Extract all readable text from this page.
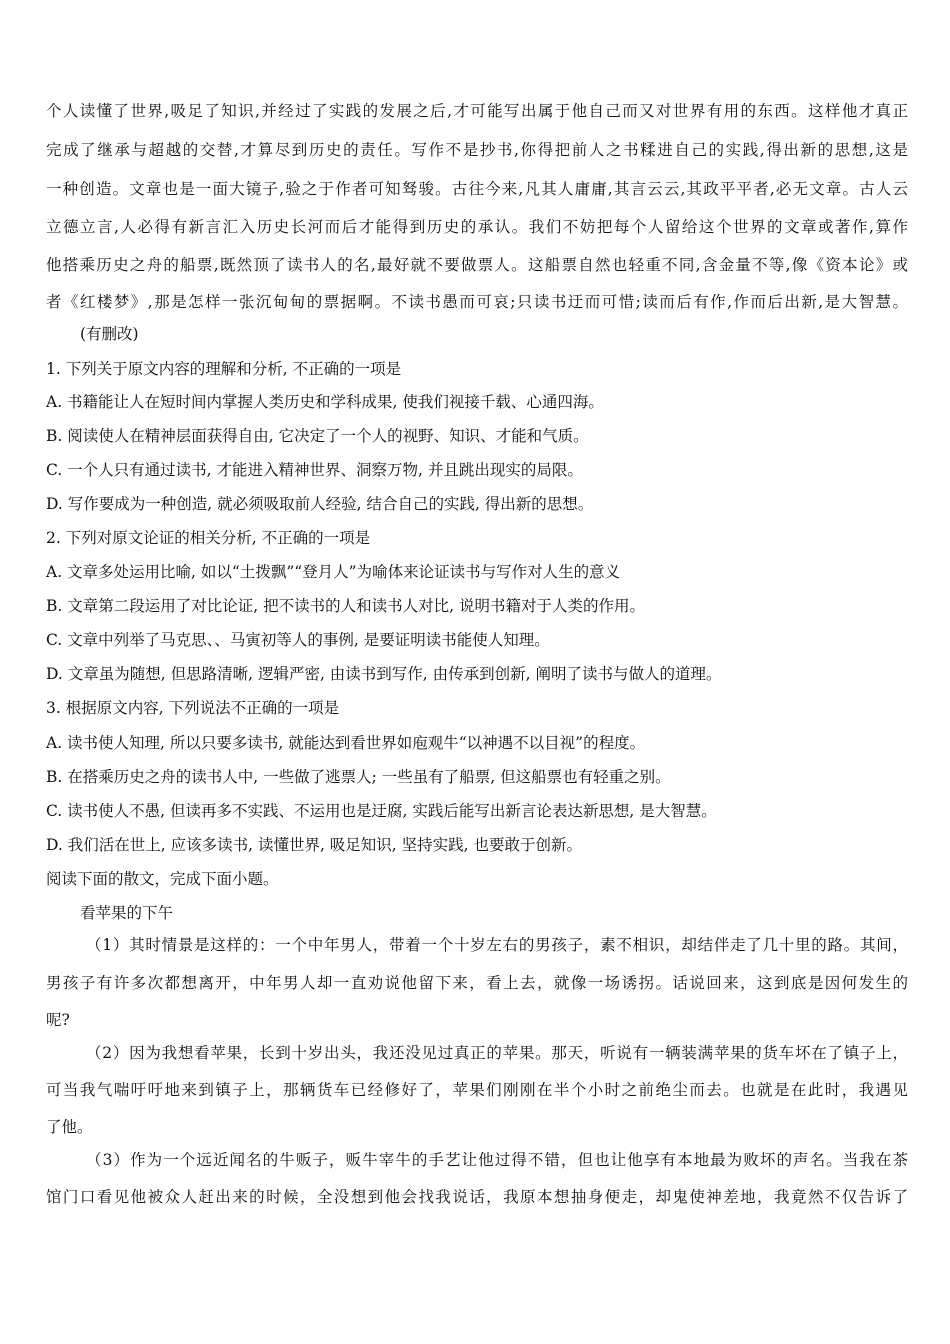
个人读懂了世界,吸足了知识,并经过了实践的发展之后,才可能写出属于他自己而又对世界有用的东西。这样他才真正
完成了继承与超越的交替,才算尽到历史的责任。写作不是抄书,你得把前人之书糅进自己的实践,得出新的思想,这是
一种创造。文章也是一面大镜子,验之于作者可知驽骏。古往今来,凡其人庸庸,其言云云,其政平平者,必无文章。古人云
立德立言,人必得有新言汇入历史长河而后才能得到历史的承认。我们不妨把每个人留给这个世界的文章或著作,算作
他搭乘历史之舟的船票,既然顶了读书人的名,最好就不要做票人。这船票自然也轻重不同,含金量不等,像《资本论》或
者《红楼梦》,那是怎样一张沉甸甸的票据啊。不读书愚而可哀;只读书迂而可惜;读而后有作,作而后出新,是大智慧。
(有删改)
1. 下列关于原文内容的理解和分析, 不正确的一项是
A. 书籍能让人在短时间内掌握人类历史和学科成果, 使我们视接千载、心通四海。
B. 阅读使人在精神层面获得自由, 它决定了一个人的视野、知识、才能和气质。
C. 一个人只有通过读书, 才能进入精神世界、洞察万物, 并且跳出现实的局限。
D. 写作要成为一种创造, 就必须吸取前人经验, 结合自己的实践, 得出新的思想。
2. 下列对原文论证的相关分析, 不正确的一项是
A. 文章多处运用比喻, 如以“土拨飘”“登月人”为喻体来论证读书与写作对人生的意义
B. 文章第二段运用了对比论证, 把不读书的人和读书人对比, 说明书籍对于人类的作用。
C. 文章中列举了马克思、、马寅初等人的事例, 是要证明读书能使人知理。
D. 文章虽为随想, 但思路清晰, 逻辑严密, 由读书到写作, 由传承到创新, 阐明了读书与做人的道理。
3. 根据原文内容, 下列说法不正确的一项是
A. 读书使人知理, 所以只要多读书, 就能达到看世界如庖观牛“以神遇不以目视”的程度。
B. 在搭乘历史之舟的读书人中, 一些做了逃票人; 一些虽有了船票, 但这船票也有轻重之别。
C. 读书使人不愚, 但读再多不实践、不运用也是迂腐, 实践后能写出新言论表达新思想, 是大智慧。
D. 我们活在世上, 应该多读书, 读懂世界, 吸足知识, 坚持实践, 也要敢于创新。
阅读下面的散文，完成下面小题。
看苹果的下午
（1）其时情景是这样的：一个中年男人，带着一个十岁左右的男孩子，素不相识，却结伴走了几十里的路。其间，
男孩子有许多次都想离开，中年男人却一直劝说他留下来，看上去，就像一场诱拐。话说回来，这到底是因何发生的
呢?
（2）因为我想看苹果，长到十岁出头，我还没见过真正的苹果。那天，听说有一辆装满苹果的货车坏在了镇子上，
可当我气喘吁吁地来到镇子上，那辆货车已经修好了，苹果们刚刚在半个小时之前绝尘而去。也就是在此时，我遇见
了他。
（3）作为一个远近闻名的牛贩子，贩牛宰牛的手艺让他过得不错，但也让他享有本地最为败坏的声名。当我在茶
馆门口看见他被众人赶出来的时候，全没想到他会找我说话，我原本想抽身便走，却鬼使神差地，我竟然不仅告诉了
